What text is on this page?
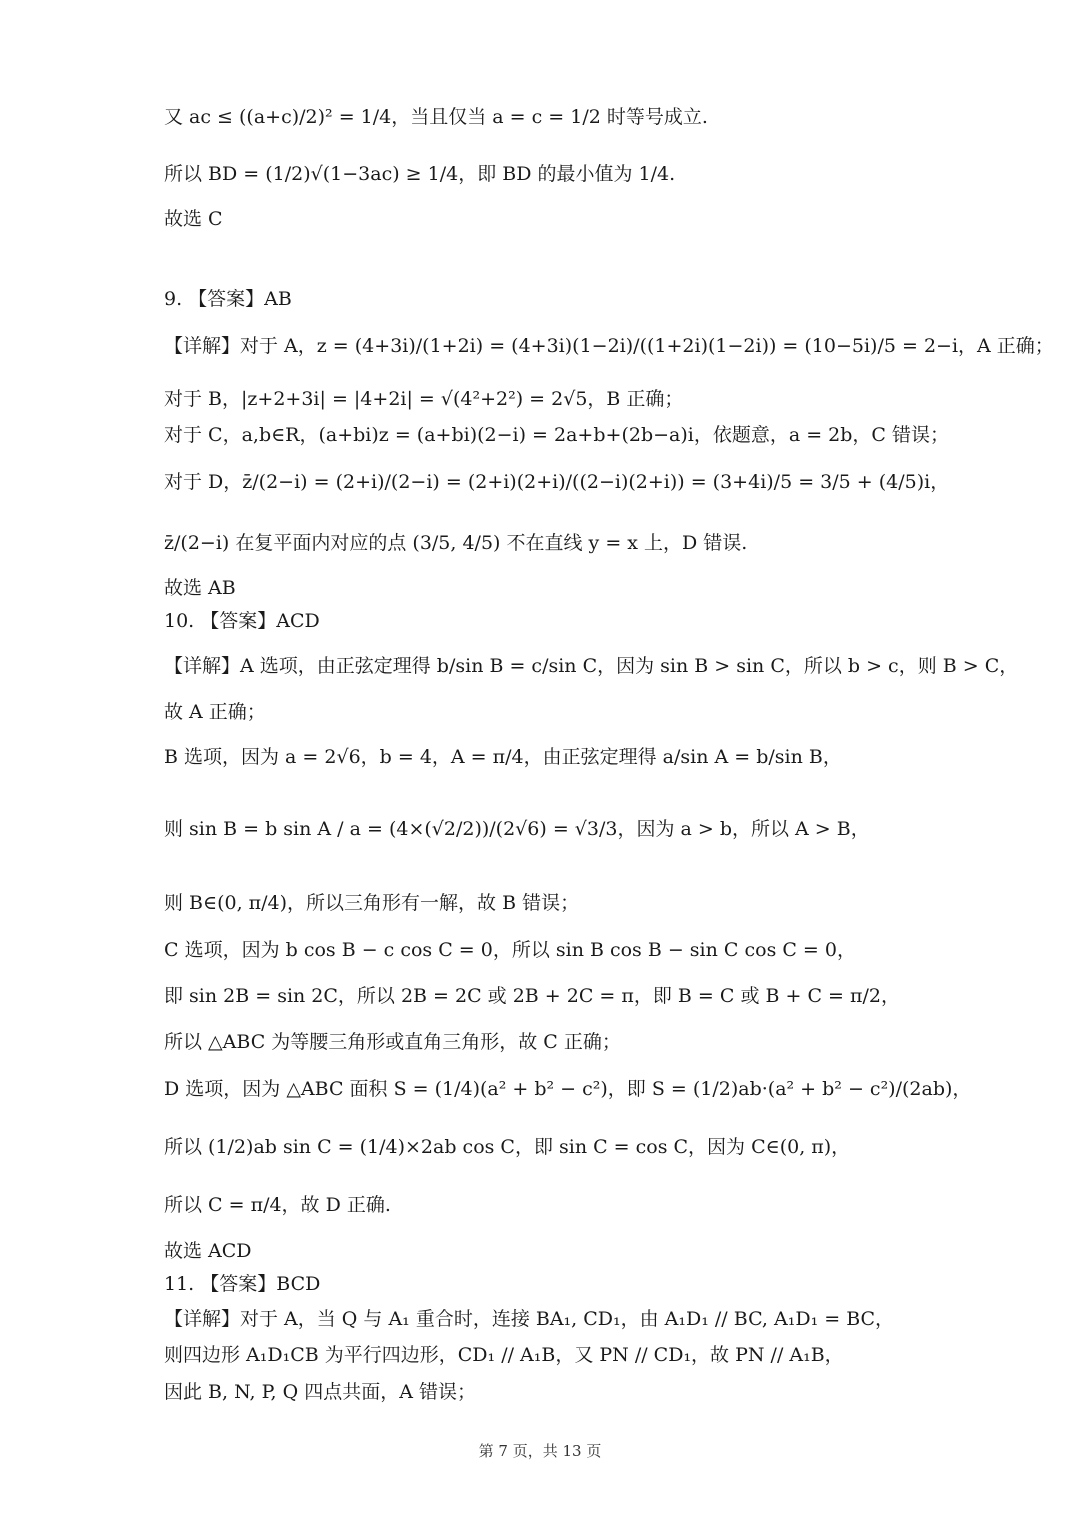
又 ac ≤ ((a+c)/2)² = 1/4，当且仅当 a = c = 1/2 时等号成立.
所以 BD = (1/2)√(1−3ac) ≥ 1/4，即 BD 的最小值为 1/4.
故选 C
9. 【答案】AB
【详解】对于 A，z = (4+3i)/(1+2i) = (4+3i)(1−2i)/((1+2i)(1−2i)) = (10−5i)/5 = 2−i，A 正确；
对于 B，|z+2+3i| = |4+2i| = √(4²+2²) = 2√5，B 正确；
对于 C，a,b∈R，(a+bi)z = (a+bi)(2−i) = 2a+b+(2b−a)i，依题意，a = 2b，C 错误；
对于 D，z̄/(2−i) = (2+i)/(2−i) = (2+i)(2+i)/((2−i)(2+i)) = (3+4i)/5 = 3/5 + (4/5)i，
z̄/(2−i) 在复平面内对应的点 (3/5, 4/5) 不在直线 y = x 上，D 错误.
故选 AB
10. 【答案】ACD
【详解】A 选项，由正弦定理得 b/sin B = c/sin C，因为 sin B > sin C，所以 b > c，则 B > C，
故 A 正确；
B 选项，因为 a = 2√6，b = 4，A = π/4，由正弦定理得 a/sin A = b/sin B，
则 sin B = b sin A / a = (4×(√2/2))/(2√6) = √3/3，因为 a > b，所以 A > B，
则 B∈(0, π/4)，所以三角形有一解，故 B 错误；
C 选项，因为 b cos B − c cos C = 0，所以 sin B cos B − sin C cos C = 0，
即 sin 2B = sin 2C，所以 2B = 2C 或 2B + 2C = π，即 B = C 或 B + C = π/2，
所以 △ABC 为等腰三角形或直角三角形，故 C 正确；
D 选项，因为 △ABC 面积 S = (1/4)(a² + b² − c²)，即 S = (1/2)ab·(a² + b² − c²)/(2ab)，
所以 (1/2)ab sin C = (1/4)×2ab cos C，即 sin C = cos C，因为 C∈(0, π)，
所以 C = π/4，故 D 正确.
故选 ACD
11. 【答案】BCD
【详解】对于 A，当 Q 与 A₁ 重合时，连接 BA₁, CD₁，由 A₁D₁ // BC, A₁D₁ = BC，
则四边形 A₁D₁CB 为平行四边形，CD₁ // A₁B，又 PN // CD₁，故 PN // A₁B，
因此 B, N, P, Q 四点共面，A 错误；
第 7 页，共 13 页
